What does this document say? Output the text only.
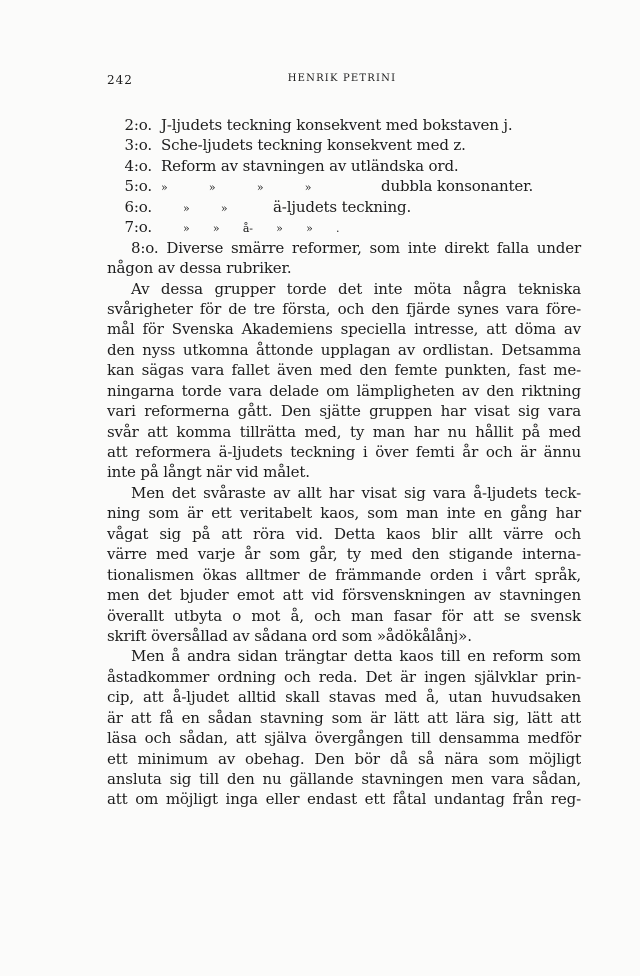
242	HENRIK PETRINI
2:o. J-ljudets teckning konsekvent med bokstaven j.
3:o. Sche-ljudets teckning konsekvent med z.
4:o. Reform av stavningen av utländska ord.
5:o. » » » »	dubbla konsonanter.
6:o.	» »	ä-ljudets teckning.
7:o.	» » å- » » .
8:o. Diverse smärre reformer, som inte direkt falla under
någon av dessa rubriker.
Av dessa grupper torde det inte möta några tekniska
svårigheter för de tre första, och den fjärde synes vara före-
mål för Svenska Akademiens speciella intresse, att döma av
den nyss utkomna åttonde upplagan av ordlistan. Detsamma
kan sägas vara fallet även med den femte punkten, fast me-
ningarna torde vara delade om lämpligheten av den riktning
vari reformerna gått. Den sjätte gruppen har visat sig vara
svår att komma tillrätta med, ty man har nu hållit på med
att reformera ä-ljudets teckning i över femti år och är ännu
inte på långt när vid målet.
Men det svåraste av allt har visat sig vara å-ljudets teck-
ning som är ett veritabelt kaos, som man inte en gång har
vågat sig på att röra vid. Detta kaos blir allt värre och
värre med varje år som går, ty med den stigande interna-
tionalismen ökas alltmer de främmande orden i vårt språk,
men det bjuder emot att vid försvenskningen av stavningen
överallt utbyta o mot å, och man fasar för att se svensk
skrift översållad av sådana ord som »ådökålånj».
Men å andra sidan trängtar detta kaos till en reform som
åstadkommer ordning och reda. Det är ingen självklar prin-
cip, att å-ljudet alltid skall stavas med å, utan huvudsaken
är att få en sådan stavning som är lätt att lära sig, lätt att
läsa och sådan, att själva övergången till densamma medför
ett minimum av obehag. Den bör då så nära som möjligt
ansluta sig till den nu gällande stavningen men vara sådan,
att om möjligt inga eller endast ett fåtal undantag från reg-
